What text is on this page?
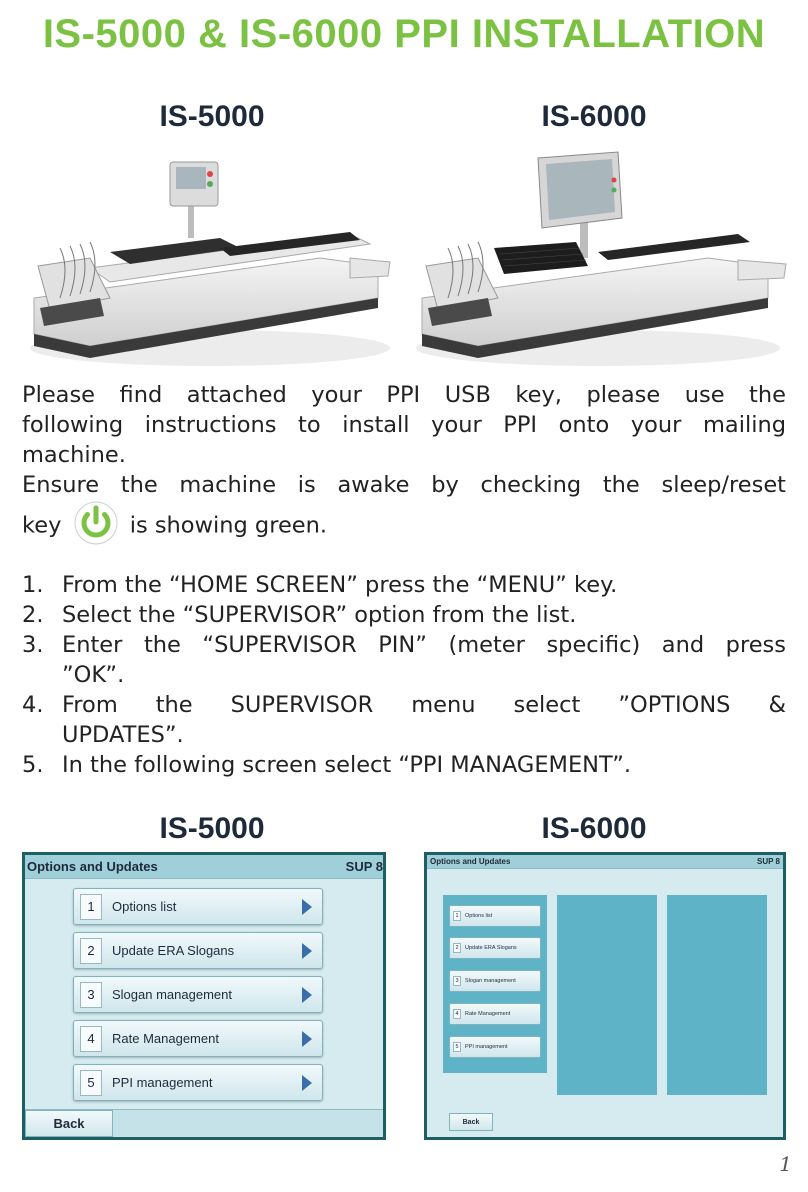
IS-5000 & IS-6000 PPI INSTALLATION
IS-5000	IS-6000
Please find attached your PPI USB key, please use the
following instructions to install your PPI onto your mailing
machine.
Ensure the machine is awake by checking the sleep/reset
key	is showing green.
1. From the “HOME SCREEN” press the “MENU” key.
2. Select the “SUPERVISOR” option from the list.
3. Enter the “SUPERVISOR PIN” (meter specific) and press
”OK”.
4. From the SUPERVISOR menu select ”OPTIONS &
UPDATES”.
5. In the following screen select “PPI MANAGEMENT”.
IS-5000	IS-6000
Options and Updates	SUP 8
1	Options list
2	Update ERA Slogans
3	Slogan management
4	Rate Management
5	PPI management
Back
Options and Updates	SUP 8
1	Options list
2	Update ERA Slogans
3	Slogan management
4	Rate Management
5	PPI management
Back
1
